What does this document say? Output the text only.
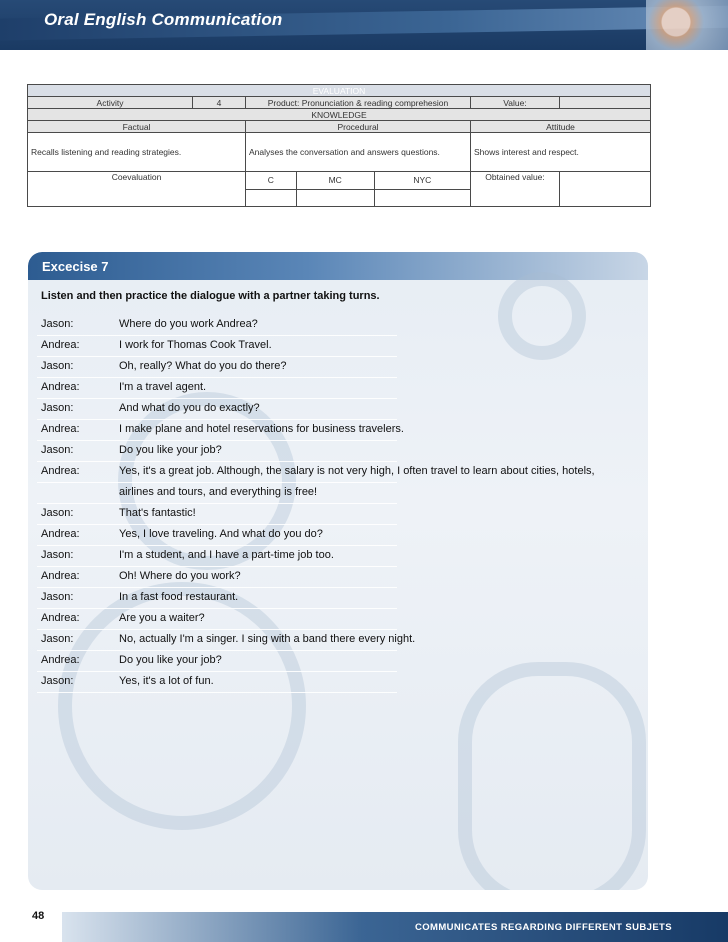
Oral English Communication
EVALUATION						
Activity	4	Product: Pronunciation & reading comprehesion			Value:	
KNOWLEDGE						
Factual		Procedural			Attitude	
Recalls listening and reading strategies.		Analyses the conversation and answers questions.			Shows interest and respect.	
Coevaluation		C	MC	NYC	Obtained value:	

Excecise 7
Listen and then practice the dialogue with a partner taking turns.
Jason:	Where do you work Andrea?
Andrea:	I work for Thomas Cook Travel.
Jason:	Oh, really? What do you do there?
Andrea:	I'm a travel agent.
Jason:	And what do you do exactly?
Andrea:	I make plane and hotel reservations for business travelers.
Jason:	Do you like your job?
Andrea:	Yes, it's a great job. Although, the salary is not very high, I often travel to learn about cities, hotels,
airlines and tours, and everything is free!
Jason:	That's fantastic!
Andrea:	Yes, I love traveling. And what do you do?
Jason:	I'm a student, and I have a part-time job too.
Andrea:	Oh! Where do you work?
Jason:	In a fast food restaurant.
Andrea:	Are you a waiter?
Jason:	No, actually I'm a singer. I sing with a band there every night.
Andrea:	Do you like your job?
Jason:	Yes, it's a lot of fun.
48
COMMUNICATES REGARDING DIFFERENT SUBJETS
